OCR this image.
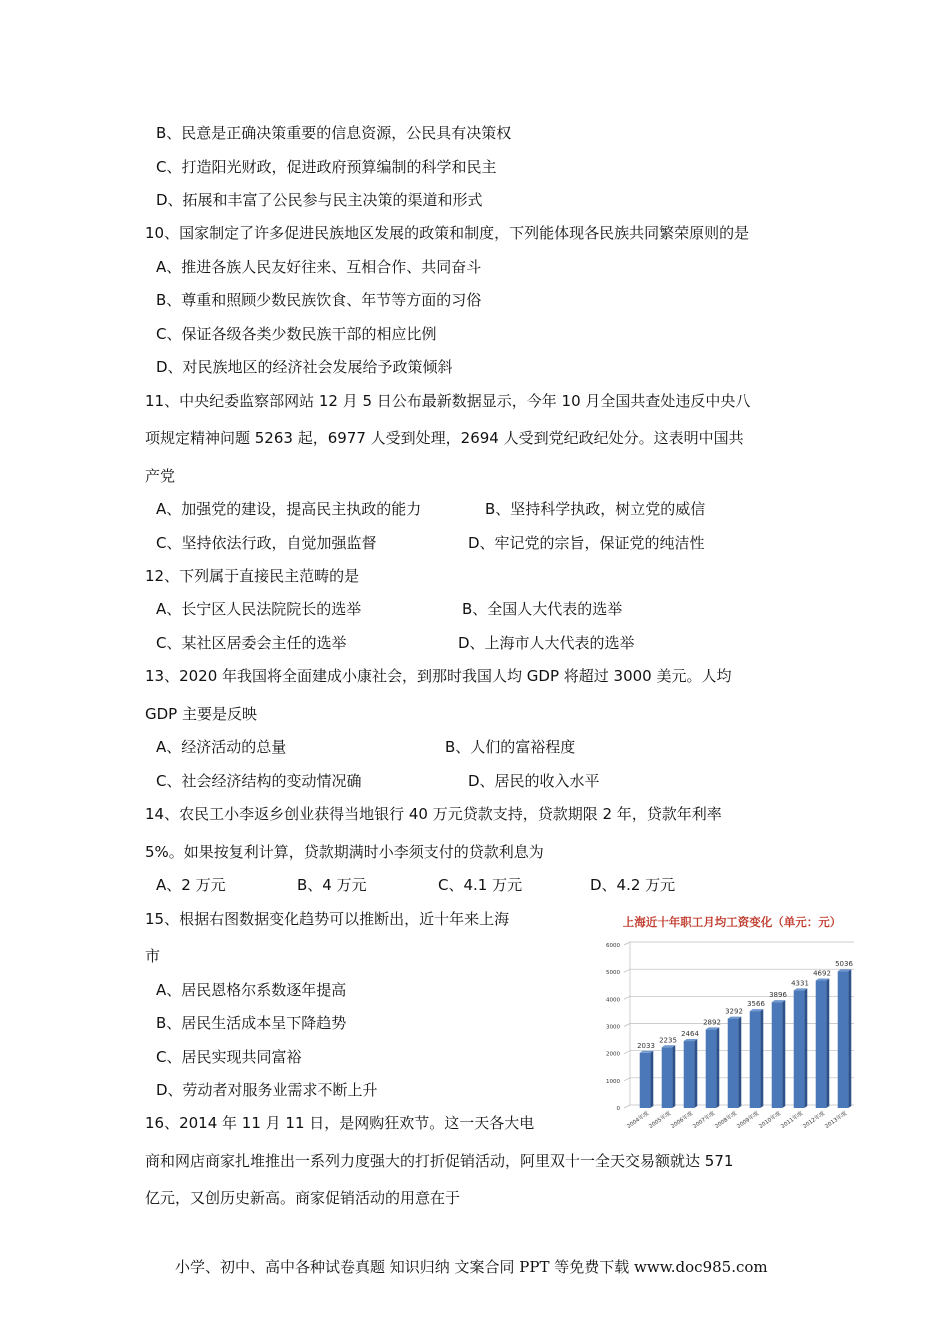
B、民意是正确决策重要的信息资源，公民具有决策权
C、打造阳光财政，促进政府预算编制的科学和民主
D、拓展和丰富了公民参与民主决策的渠道和形式
10、国家制定了许多促进民族地区发展的政策和制度，下列能体现各民族共同繁荣原则的是
A、推进各族人民友好往来、互相合作、共同奋斗
B、尊重和照顾少数民族饮食、年节等方面的习俗
C、保证各级各类少数民族干部的相应比例
D、对民族地区的经济社会发展给予政策倾斜
11、中央纪委监察部网站 12 月 5 日公布最新数据显示，今年 10 月全国共查处违反中央八
项规定精神问题 5263 起，6977 人受到处理，2694 人受到党纪政纪处分。这表明中国共
产党
A、加强党的建设，提高民主执政的能力	B、坚持科学执政，树立党的威信
C、坚持依法行政，自觉加强监督	D、牢记党的宗旨，保证党的纯洁性
12、下列属于直接民主范畴的是
A、长宁区人民法院院长的选举	B、全国人大代表的选举
C、某社区居委会主任的选举	D、上海市人大代表的选举
13、2020 年我国将全面建成小康社会，到那时我国人均 GDP 将超过 3000 美元。人均
GDP 主要是反映
A、经济活动的总量	B、人们的富裕程度
C、社会经济结构的变动情况确	D、居民的收入水平
14、农民工小李返乡创业获得当地银行 40 万元贷款支持，贷款期限 2 年，贷款年利率
5%。如果按复利计算，贷款期满时小李须支付的贷款利息为
A、2 万元	B、4 万元	C、4.1 万元	D、4.2 万元
15、根据右图数据变化趋势可以推断出，近十年来上海
市
A、居民恩格尔系数逐年提高
B、居民生活成本呈下降趋势
C、居民实现共同富裕
D、劳动者对服务业需求不断上升
16、2014 年 11 月 11 日，是网购狂欢节。这一天各大电
商和网店商家扎堆推出一系列力度强大的打折促销活动，阿里双十一全天交易额就达 571
亿元，又创历史新高。商家促销活动的用意在于
上海近十年职工月均工资变化（单元：元）
0
1000
2000
3000
4000
5000
6000
2033
2004年度
2235
2005年度
2464
2006年度
2892
2007年度
3292
2008年度
3566
2009年度
3896
2010年度
4331
2011年度
4692
2012年度
5036
2013年度
小学、初中、高中各种试卷真题 知识归纳 文案合同 PPT 等免费下载 www.doc985.com
